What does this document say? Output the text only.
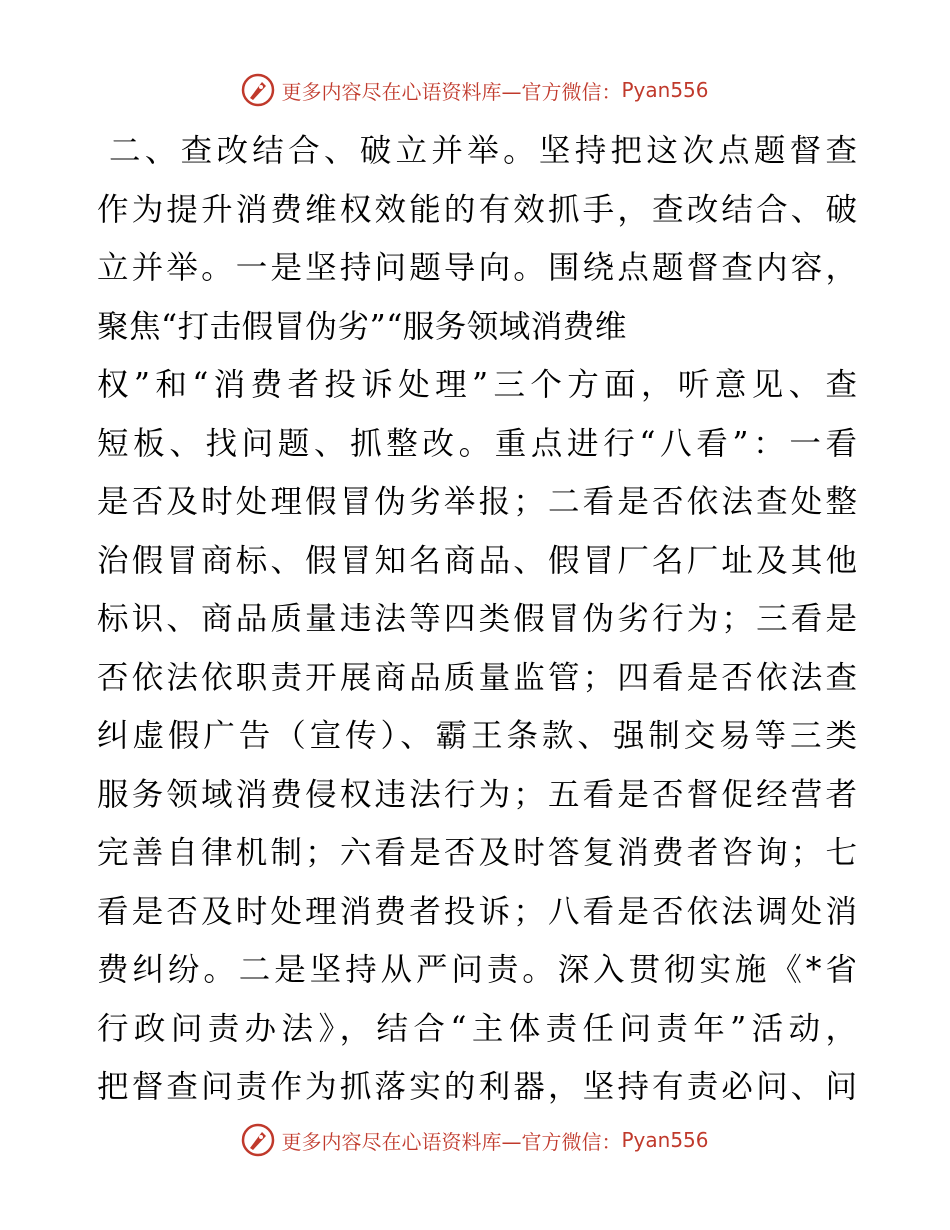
更多内容尽在心语资料库—官方微信： Pyan556
二、查改结合、破立并举。坚持把这次点题督查
作为提升消费维权效能的有效抓手，查改结合、破
立并举。一是坚持问题导向。围绕点题督查内容，
聚焦“打击假冒伪劣”“服务领域消费维
权”和“消费者投诉处理”三个方面，听意见、查
短板、找问题、抓整改。重点进行“八看”：一看
是否及时处理假冒伪劣举报；二看是否依法查处整
治假冒商标、假冒知名商品、假冒厂名厂址及其他
标识、商品质量违法等四类假冒伪劣行为；三看是
否依法依职责开展商品质量监管；四看是否依法查
纠虚假广告（宣传）、霸王条款、强制交易等三类
服务领域消费侵权违法行为；五看是否督促经营者
完善自律机制；六看是否及时答复消费者咨询；七
看是否及时处理消费者投诉；八看是否依法调处消
费纠纷。二是坚持从严问责。深入贯彻实施《*省
行政问责办法》，结合“主体责任问责年”活动，
把督查问责作为抓落实的利器，坚持有责必问、问
更多内容尽在心语资料库—官方微信： Pyan556
